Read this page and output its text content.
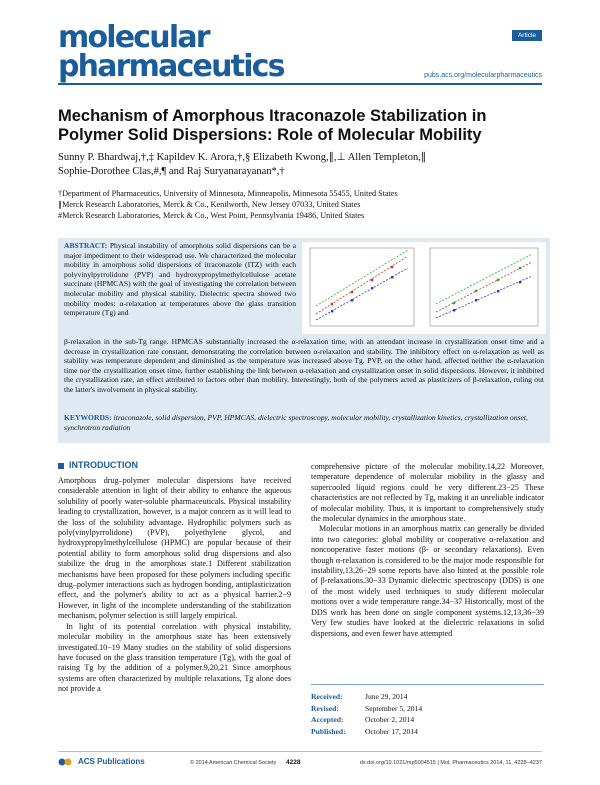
molecular
pharmaceutics
Article
pubs.acs.org/molecularpharmaceutics
Mechanism of Amorphous Itraconazole Stabilization in Polymer Solid Dispersions: Role of Molecular Mobility
Sunny P. Bhardwaj,†,‡ Kapildev K. Arora,†,§ Elizabeth Kwong,∥,⊥ Allen Templeton,∥
Sophie-Dorothee Clas,#,¶ and Raj Suryanarayanan*,†
†Department of Pharmaceutics, University of Minnesota, Minneapolis, Minnesota 55455, United States
∥Merck Research Laboratories, Merck & Co., Kenilworth, New Jersey 07033, United States
#Merck Research Laboratories, Merck & Co., West Point, Pennsylvania 19486, United States
ABSTRACT: Physical instability of amorphous solid dispersions can be a major impediment to their widespread use. We characterized the molecular mobility in amorphous solid dispersions of itraconazole (ITZ) with each polyvinylpyrrolidone (PVP) and hydroxypropylmethylcellulose acetate succinate (HPMCAS) with the goal of investigating the correlation between molecular mobility and physical stability. Dielectric spectra showed two mobility modes: α-relaxation at temperatures above the glass transition temperature (Tg) and
β-relaxation in the sub-Tg range. HPMCAS substantially increased the α-relaxation time, with an attendant increase in crystallization onset time and a decrease in crystallization rate constant, demonstrating the correlation between α-relaxation and stability. The inhibitory effect on α-relaxation as well as stability was temperature dependent and diminished as the temperature was increased above Tg. PVP, on the other hand, affected neither the α-relaxation time nor the crystallization onset time, further establishing the link between α-relaxation and crystallization onset in solid dispersions. However, it inhibited the crystallization rate, an effect attributed to factors other than mobility. Interestingly, both of the polymers acted as plasticizers of β-relaxation, ruling out the latter's involvement in physical stability.
KEYWORDS: itraconazole, solid dispersion, PVP, HPMCAS, dielectric spectroscopy, molecular mobility, crystallization kinetics, crystallization onset, synchrotron radiation
INTRODUCTION

Amorphous drug–polymer molecular dispersions have received considerable attention in light of their ability to enhance the aqueous solubility of poorly water-soluble pharmaceuticals. Physical instability leading to crystallization, however, is a major concern as it will lead to the loss of the solubility advantage. Hydrophilic polymers such as poly(vinylpyrrolidone) (PVP), polyethylene glycol, and hydroxypropylmethylcellulose (HPMC) are popular because of their potential ability to form amorphous solid drug dispersions and also stabilize the drug in the amorphous state.1 Different stabilization mechanisms have been proposed for these polymers including specific drug–polymer interactions such as hydrogen bonding, antiplasticization effect, and the polymer's ability to act as a physical barrier.2−9 However, in light of the incomplete understanding of the stabilization mechanism, polymer selection is still largely empirical.

In light of its potential correlation with physical instability, molecular mobility in the amorphous state has been extensively investigated.10−19 Many studies on the stability of solid dispersions have focused on the glass transition temperature (Tg), with the goal of raising Tg by the addition of a polymer.9,20,21 Since amorphous systems are often characterized by multiple relaxations, Tg alone does not provide a

comprehensive picture of the molecular mobility.14,22 Moreover, temperature dependence of molecular mobility in the glassy and supercooled liquid regions could be very different.23−25 These characteristics are not reflected by Tg, making it an unreliable indicator of molecular mobility. Thus, it is important to comprehensively study the molecular dynamics in the amorphous state.

Molecular motions in an amorphous matrix can generally be divided into two categories: global mobility or cooperative α-relaxation and noncooperative faster motions (β- or secondary relaxations). Even though α-relaxation is considered to be the major mode responsible for instability,13,26−29 some reports have also hinted at the possible role of β-relaxations.30−33 Dynamic dielectric spectroscopy (DDS) is one of the most widely used techniques to study different molecular motions over a wide temperature range.34−37 Historically, most of the DDS work has been done on single component systems.12,13,36−39 Very few studies have looked at the dielectric relaxations in solid dispersions, and even fewer have attempted

Received:	June 29, 2014
Revised:	September 5, 2014
Accepted:	October 2, 2014
Published:	October 17, 2014
ACS Publications	© 2014 American Chemical Society 4228	dx.doi.org/10.1021/mp5004515 | Mol. Pharmaceutics 2014, 11, 4228−4237
